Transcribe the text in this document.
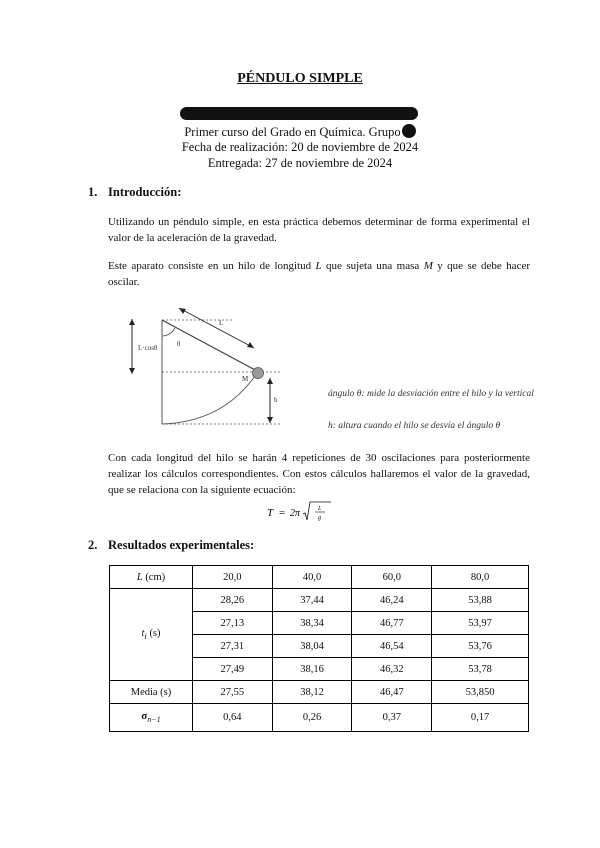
PÉNDULO SIMPLE
Primer curso del Grado en Química. Grupo
Fecha de realización: 20 de noviembre de 2024
Entregada: 27 de noviembre de 2024
1. Introducción:
Utilizando un péndulo simple, en esta práctica debemos determinar de forma experimental el valor de la aceleración de la gravedad.
Este aparato consiste en un hilo de longitud L que sujeta una masa M y que se debe hacer oscilar.
L·cosθ	θ
L
M
h
ángulo θ: mide la desviación entre el hilo y la vertical
h: altura cuando el hilo se desvía el ángulo θ
Con cada longitud del hilo se harán 4 repeticiones de 30 oscilaciones para posteriormente realizar los cálculos correspondientes. Con estos cálculos hallaremos el valor de la gravedad, que se relaciona con la siguiente ecuación:
T = 2π	L
g
2. Resultados experimentales:
L (cm)	20,0	40,0	60,0	80,0
$t_i$ (s)	28,26	37,44	46,24	53,88
	27,13	38,34	46,77	53,97
	27,31	38,04	46,54	53,76
	27,49	38,16	46,32	53,78
Media (s)	27,55	38,12	46,47	53,850
$\sigma_{n-1}$	0,64	0,26	0,37	0,17
